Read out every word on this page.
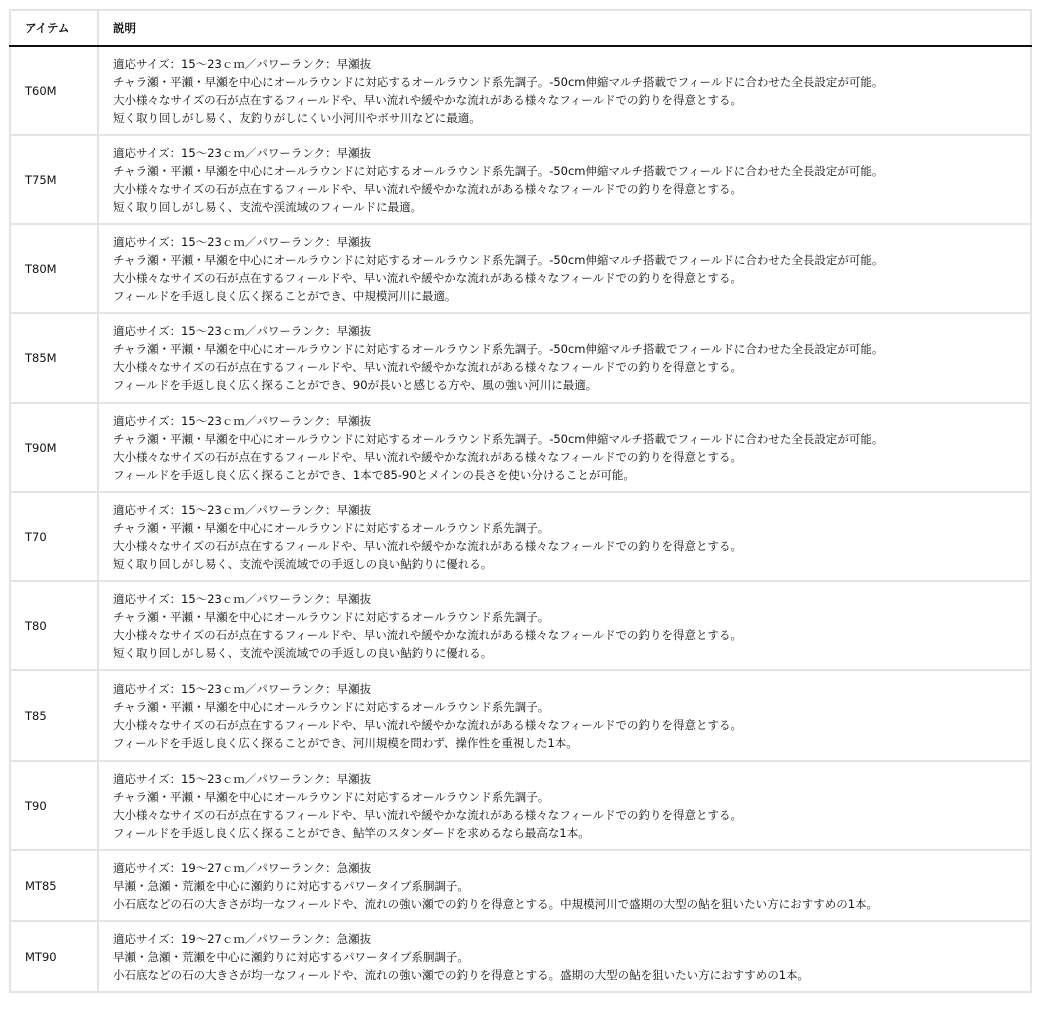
アイテム	説明
T60M	適応サイズ：15〜23ｃｍ／パワーランク：早瀬抜
チャラ瀬・平瀬・早瀬を中心にオールラウンドに対応するオールラウンド系先調子。-50cm伸縮マルチ搭載でフィールドに合わせた全長設定が可能。
大小様々なサイズの石が点在するフィールドや、早い流れや緩やかな流れがある様々なフィールドでの釣りを得意とする。
短く取り回しがし易く、友釣りがしにくい小河川やボサ川などに最適。

T75M	適応サイズ：15〜23ｃｍ／パワーランク：早瀬抜
チャラ瀬・平瀬・早瀬を中心にオールラウンドに対応するオールラウンド系先調子。-50cm伸縮マルチ搭載でフィールドに合わせた全長設定が可能。
大小様々なサイズの石が点在するフィールドや、早い流れや緩やかな流れがある様々なフィールドでの釣りを得意とする。
短く取り回しがし易く、支流や渓流域のフィールドに最適。

T80M	適応サイズ：15〜23ｃｍ／パワーランク：早瀬抜
チャラ瀬・平瀬・早瀬を中心にオールラウンドに対応するオールラウンド系先調子。-50cm伸縮マルチ搭載でフィールドに合わせた全長設定が可能。
大小様々なサイズの石が点在するフィールドや、早い流れや緩やかな流れがある様々なフィールドでの釣りを得意とする。
フィールドを手返し良く広く探ることができ、中規模河川に最適。

T85M	適応サイズ：15〜23ｃｍ／パワーランク：早瀬抜
チャラ瀬・平瀬・早瀬を中心にオールラウンドに対応するオールラウンド系先調子。-50cm伸縮マルチ搭載でフィールドに合わせた全長設定が可能。
大小様々なサイズの石が点在するフィールドや、早い流れや緩やかな流れがある様々なフィールドでの釣りを得意とする。
フィールドを手返し良く広く探ることができ、90が長いと感じる方や、風の強い河川に最適。

T90M	適応サイズ：15〜23ｃｍ／パワーランク：早瀬抜
チャラ瀬・平瀬・早瀬を中心にオールラウンドに対応するオールラウンド系先調子。-50cm伸縮マルチ搭載でフィールドに合わせた全長設定が可能。
大小様々なサイズの石が点在するフィールドや、早い流れや緩やかな流れがある様々なフィールドでの釣りを得意とする。
フィールドを手返し良く広く探ることができ、1本で85-90とメインの長さを使い分けることが可能。

T70	適応サイズ：15〜23ｃｍ／パワーランク：早瀬抜
チャラ瀬・平瀬・早瀬を中心にオールラウンドに対応するオールラウンド系先調子。
大小様々なサイズの石が点在するフィールドや、早い流れや緩やかな流れがある様々なフィールドでの釣りを得意とする。
短く取り回しがし易く、支流や渓流域での手返しの良い鮎釣りに優れる。

T80	適応サイズ：15〜23ｃｍ／パワーランク：早瀬抜
チャラ瀬・平瀬・早瀬を中心にオールラウンドに対応するオールラウンド系先調子。
大小様々なサイズの石が点在するフィールドや、早い流れや緩やかな流れがある様々なフィールドでの釣りを得意とする。
短く取り回しがし易く、支流や渓流域での手返しの良い鮎釣りに優れる。

T85	適応サイズ：15〜23ｃｍ／パワーランク：早瀬抜
チャラ瀬・平瀬・早瀬を中心にオールラウンドに対応するオールラウンド系先調子。
大小様々なサイズの石が点在するフィールドや、早い流れや緩やかな流れがある様々なフィールドでの釣りを得意とする。
フィールドを手返し良く広く探ることができ、河川規模を問わず、操作性を重視した1本。

T90	適応サイズ：15〜23ｃｍ／パワーランク：早瀬抜
チャラ瀬・平瀬・早瀬を中心にオールラウンドに対応するオールラウンド系先調子。
大小様々なサイズの石が点在するフィールドや、早い流れや緩やかな流れがある様々なフィールドでの釣りを得意とする。
フィールドを手返し良く広く探ることができ、鮎竿のスタンダードを求めるなら最高な1本。

MT85	適応サイズ：19〜27ｃｍ／パワーランク：急瀬抜
早瀬・急瀬・荒瀬を中心に瀬釣りに対応するパワータイプ系胴調子。
小石底などの石の大きさが均一なフィールドや、流れの強い瀬での釣りを得意とする。中規模河川で盛期の大型の鮎を狙いたい方におすすめの1本。

MT90	適応サイズ：19〜27ｃｍ／パワーランク：急瀬抜
早瀬・急瀬・荒瀬を中心に瀬釣りに対応するパワータイプ系胴調子。
小石底などの石の大きさが均一なフィールドや、流れの強い瀬での釣りを得意とする。盛期の大型の鮎を狙いたい方におすすめの1本。
